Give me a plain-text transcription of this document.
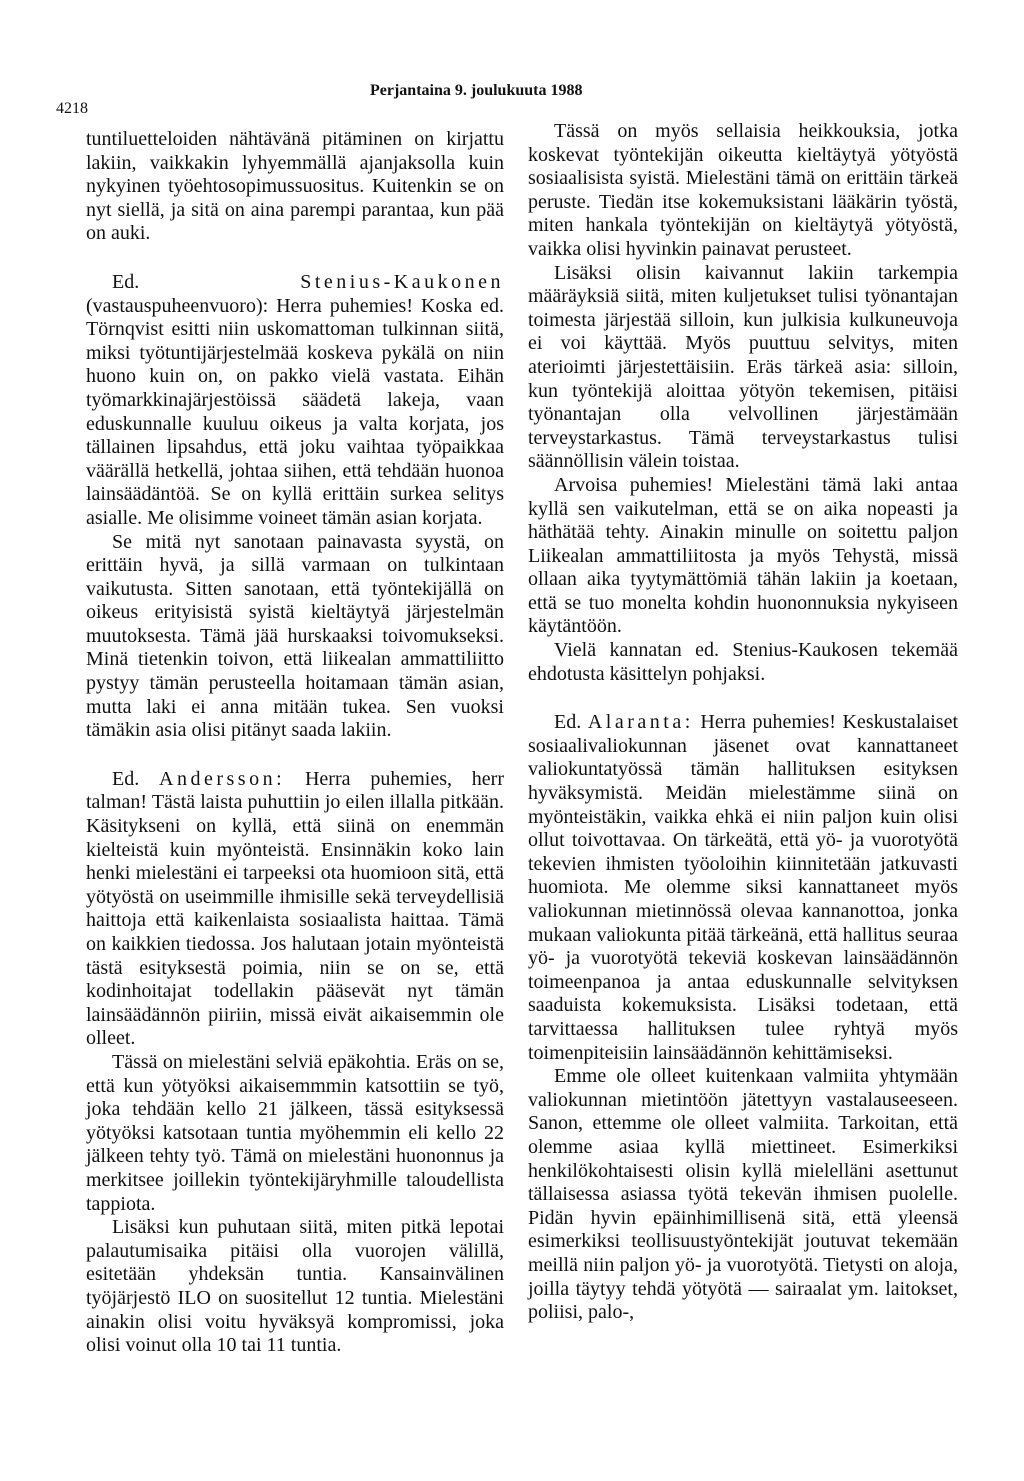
4218
Perjantaina 9. joulukuuta 1988

tuntiluetteloiden nähtävänä pitäminen on kirjattu lakiin, vaikkakin lyhyemmällä ajanjaksolla kuin nykyinen työehtosopimussuositus. Kuitenkin se on nyt siellä, ja sitä on aina parempi parantaa, kun pää on auki.

Ed.	Stenius-Kaukonen (vastauspuheenvuoro): Herra puhemies! Koska ed. Törnqvist esitti niin uskomattoman tulkinnan siitä, miksi työtuntijärjestelmää koskeva pykälä on niin huono kuin on, on pakko vielä vastata. Eihän työmarkkinajärjestöissä säädetä lakeja, vaan eduskunnalle kuuluu oikeus ja valta korjata, jos tällainen lipsahdus, että joku vaihtaa työpaikkaa väärällä hetkellä, johtaa siihen, että tehdään huonoa lainsäädäntöä. Se on kyllä erittäin surkea selitys asialle. Me olisimme voineet tämän asian korjata.

Se mitä nyt sanotaan painavasta syystä, on erittäin hyvä, ja sillä varmaan on tulkintaan vaikutusta. Sitten sanotaan, että työntekijällä on oikeus erityisistä syistä kieltäytyä järjestelmän muutoksesta. Tämä jää hurskaaksi toivomukseksi. Minä tietenkin toivon, että liikealan ammattiliitto pystyy tämän perusteella hoitamaan tämän asian, mutta laki ei anna mitään tukea. Sen vuoksi tämäkin asia olisi pitänyt saada lakiin.

Ed. Andersson: Herra puhemies, herr talman! Tästä laista puhuttiin jo eilen illalla pitkään. Käsitykseni on kyllä, että siinä on enemmän kielteistä kuin myönteistä. Ensinnäkin koko lain henki mielestäni ei tarpeeksi ota huomioon sitä, että yötyöstä on useimmille ihmisille sekä terveydellisiä haittoja että kaikenlaista sosiaalista haittaa. Tämä on kaikkien tiedossa. Jos halutaan jotain myönteistä tästä esityksestä poimia, niin se on se, että kodinhoitajat todellakin pääsevät nyt tämän lainsäädännön piiriin, missä eivät aikaisemmin ole olleet.

Tässä on mielestäni selviä epäkohtia. Eräs on se, että kun yötyöksi aikaisemmmin katsottiin se työ, joka tehdään kello 21 jälkeen, tässä esityksessä yötyöksi katsotaan tuntia myöhemmin eli kello 22 jälkeen tehty työ. Tämä on mielestäni huononnus ja merkitsee joillekin työntekijäryhmille taloudellista tappiota.

Lisäksi kun puhutaan siitä, miten pitkä lepotai palautumisaika pitäisi olla vuorojen välillä, esitetään yhdeksän tuntia. Kansainvälinen työjärjestö ILO on suositellut 12 tuntia. Mielestäni ainakin olisi voitu hyväksyä kompromissi, joka olisi voinut olla 10 tai 11 tuntia.

Tässä on myös sellaisia heikkouksia, jotka koskevat työntekijän oikeutta kieltäytyä yötyöstä sosiaalisista syistä. Mielestäni tämä on erittäin tärkeä peruste. Tiedän itse kokemuksistani lääkärin työstä, miten hankala työntekijän on kieltäytyä yötyöstä, vaikka olisi hyvinkin painavat perusteet.

Lisäksi olisin kaivannut lakiin tarkempia määräyksiä siitä, miten kuljetukset tulisi työnantajan toimesta järjestää silloin, kun julkisia kulkuneuvoja ei voi käyttää. Myös puuttuu selvitys, miten aterioimti järjestettäisiin. Eräs tärkeä asia: silloin, kun työntekijä aloittaa yötyön tekemisen, pitäisi työnantajan olla velvollinen järjestämään terveystarkastus. Tämä terveystarkastus tulisi säännöllisin välein toistaa.

Arvoisa puhemies! Mielestäni tämä laki antaa kyllä sen vaikutelman, että se on aika nopeasti ja häthätää tehty. Ainakin minulle on soitettu paljon Liikealan ammattiliitosta ja myös Tehystä, missä ollaan aika tyytymättömiä tähän lakiin ja koetaan, että se tuo monelta kohdin huononnuksia nykyiseen käytäntöön.

Vielä kannatan ed. Stenius-Kaukosen tekemää ehdotusta käsittelyn pohjaksi.

Ed. Alaranta: Herra puhemies! Keskustalaiset sosiaalivaliokunnan jäsenet ovat kannattaneet valiokuntatyössä tämän hallituksen esityksen hyväksymistä. Meidän mielestämme siinä on myönteistäkin, vaikka ehkä ei niin paljon kuin olisi ollut toivottavaa. On tärkeätä, että yö- ja vuorotyötä tekevien ihmisten työoloihin kiinnitetään jatkuvasti huomiota. Me olemme siksi kannattaneet myös valiokunnan mietinnössä olevaa kannanottoa, jonka mukaan valiokunta pitää tärkeänä, että hallitus seuraa yö- ja vuorotyötä tekeviä koskevan lainsäädännön toimeenpanoa ja antaa eduskunnalle selvityksen saaduista kokemuksista. Lisäksi todetaan, että tarvittaessa hallituksen tulee ryhtyä myös toimenpiteisiin lainsäädännön kehittämiseksi.

Emme ole olleet kuitenkaan valmiita yhtymään valiokunnan mietintöön jätettyyn vastalauseeseen. Sanon, ettemme ole olleet valmiita. Tarkoitan, että olemme asiaa kyllä miettineet. Esimerkiksi henkilökohtaisesti olisin kyllä mielelläni asettunut tällaisessa asiassa työtä tekevän ihmisen puolelle. Pidän hyvin epäinhimillisenä sitä, että yleensä esimerkiksi teollisuustyöntekijät joutuvat tekemään meillä niin paljon yö- ja vuorotyötä. Tietysti on aloja, joilla täytyy tehdä yötyötä — sairaalat ym. laitokset, poliisi, palo-,
